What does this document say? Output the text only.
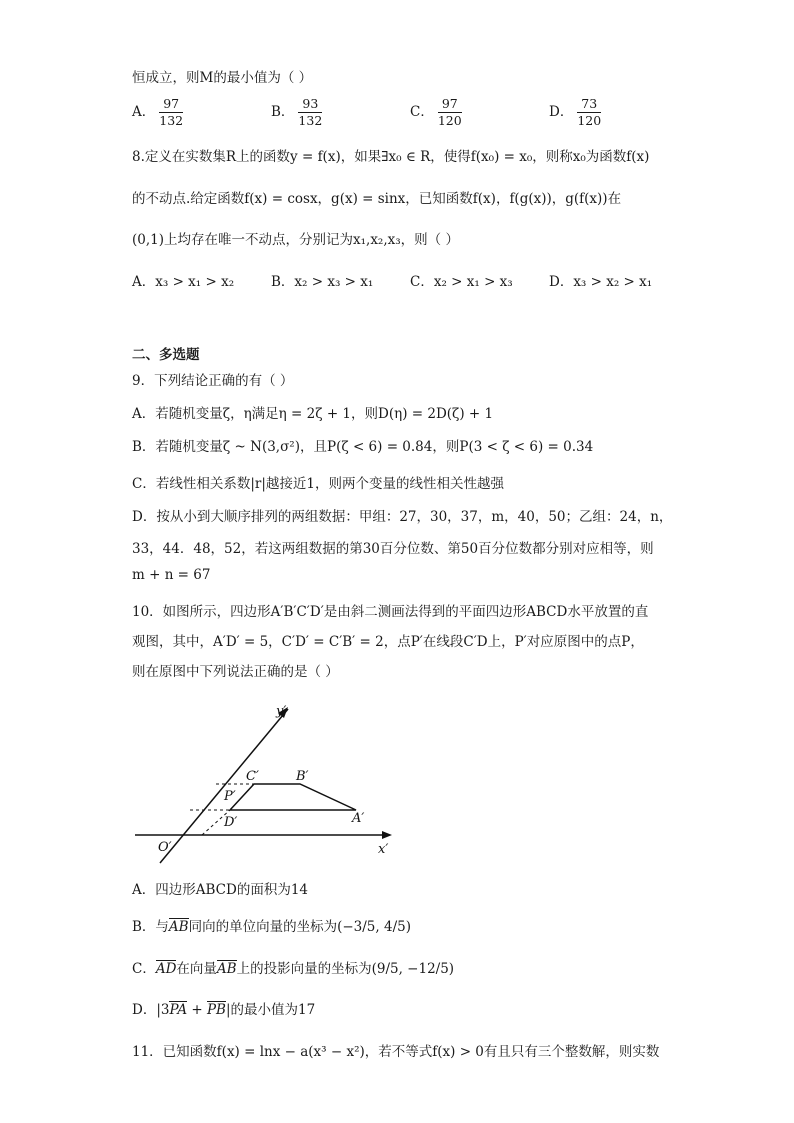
恒成立，则M的最小值为（ ）
A． $\frac{97}{132}$	B． $\frac{93}{132}$	C． $\frac{97}{120}$	D． $\frac{73}{120}$
8.定义在实数集R上的函数y = f(x)，如果∃x₀ ∈ R，使得f(x₀) = x₀，则称x₀为函数f(x)
的不动点.给定函数f(x) = cosx，g(x) = sinx，已知函数f(x)，f(g(x))，g(f(x))在
(0,1)上均存在唯一不动点，分别记为x₁,x₂,x₃，则（ ）
A．x₃ > x₁ > x₂	B．x₂ > x₃ > x₁	C．x₂ > x₁ > x₃	D．x₃ > x₂ > x₁
二、多选题
9．下列结论正确的有（ ）
A．若随机变量ζ，η满足η = 2ζ + 1，则D(η) = 2D(ζ) + 1
B．若随机变量ζ ~ N(3,σ²)，且P(ζ < 6) = 0.84，则P(3 < ζ < 6) = 0.34
C．若线性相关系数|r|越接近1，则两个变量的线性相关性越强
D．按从小到大顺序排列的两组数据：甲组：27，30，37，m，40，50；乙组：24，n，
33，44．48，52，若这两组数据的第30百分位数、第50百分位数都分别对应相等，则
m + n = 67
10．如图所示，四边形A′B′C′D′是由斜二测画法得到的平面四边形ABCD水平放置的直
观图，其中，A′D′ = 5，C′D′ = C′B′ = 2，点P′在线段C′D上，P′对应原图中的点P，
则在原图中下列说法正确的是（ ）
y′
x′
O′
C′	B′
P′
D′	A′
A．四边形ABCD的面积为14
B．与AB同向的单位向量的坐标为(−3/5, 4/5)
C．AD在向量AB上的投影向量的坐标为(9/5, −12/5)
D．|3PA + PB|的最小值为17
11．已知函数f(x) = lnx − a(x³ − x²)，若不等式f(x) > 0有且只有三个整数解，则实数
